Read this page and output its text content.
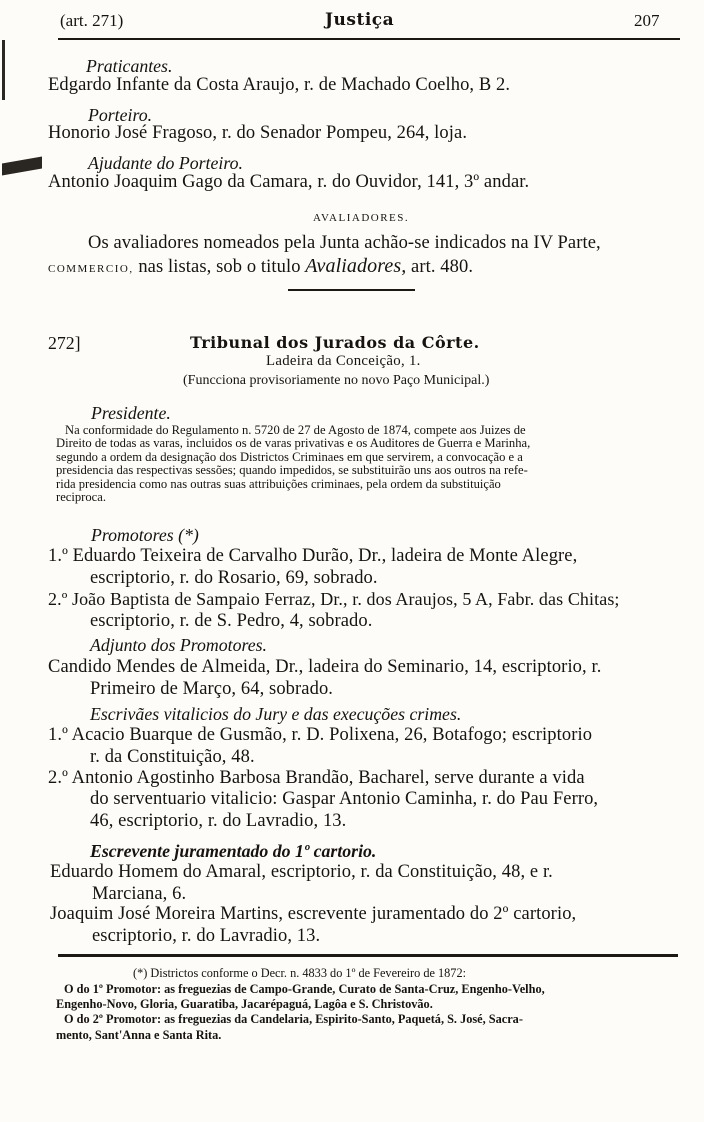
(art. 271)	Justiça	207
Praticantes.
Edgardo Infante da Costa Araujo, r. de Machado Coelho, B 2.
Porteiro.
Honorio José Fragoso, r. do Senador Pompeu, 264, loja.
Ajudante do Porteiro.
Antonio Joaquim Gago da Camara, r. do Ouvidor, 141, 3º andar.
AVALIADORES.
Os avaliadores nomeados pela Junta achão-se indicados na IV Parte,
COMMERCIO, nas listas, sob o titulo Avaliadores, art. 480.
272]	Tribunal dos Jurados da Côrte.
Ladeira da Conceição, 1.
(Funcciona provisoriamente no novo Paço Municipal.)
Presidente.
Na conformidade do Regulamento n. 5720 de 27 de Agosto de 1874, compete aos Juizes de
Direito de todas as varas, incluidos os de varas privativas e os Auditores de Guerra e Marinha,
segundo a ordem da designação dos Districtos Criminaes em que servirem, a convocação e a
presidencia das respectivas sessões; quando impedidos, se substituirão uns aos outros na refe-
rida presidencia como nas outras suas attribuições criminaes, pela ordem da substituição
reciproca.
Promotores (*)
1.º Eduardo Teixeira de Carvalho Durão, Dr., ladeira de Monte Alegre,
escriptorio, r. do Rosario, 69, sobrado.
2.º João Baptista de Sampaio Ferraz, Dr., r. dos Araujos, 5 A, Fabr. das Chitas;
escriptorio, r. de S. Pedro, 4, sobrado.
Adjunto dos Promotores.
Candido Mendes de Almeida, Dr., ladeira do Seminario, 14, escriptorio, r.
Primeiro de Março, 64, sobrado.
Escrivães vitalicios do Jury e das execuções crimes.
1.º Acacio Buarque de Gusmão, r. D. Polixena, 26, Botafogo; escriptorio
r. da Constituição, 48.
2.º Antonio Agostinho Barbosa Brandão, Bacharel, serve durante a vida
do serventuario vitalicio: Gaspar Antonio Caminha, r. do Pau Ferro,
46, escriptorio, r. do Lavradio, 13.
Escrevente juramentado do 1º cartorio.
Eduardo Homem do Amaral, escriptorio, r. da Constituição, 48, e r.
Marciana, 6.
Joaquim José Moreira Martins, escrevente juramentado do 2º cartorio,
escriptorio, r. do Lavradio, 13.
(*) Districtos conforme o Decr. n. 4833 do 1º de Fevereiro de 1872:
O do 1º Promotor: as freguezias de Campo-Grande, Curato de Santa-Cruz, Engenho-Velho,
Engenho-Novo, Gloria, Guaratiba, Jacarépaguá, Lagôa e S. Christovão.
O do 2º Promotor: as freguezias da Candelaria, Espirito-Santo, Paquetá, S. José, Sacra-
mento, Sant'Anna e Santa Rita.
